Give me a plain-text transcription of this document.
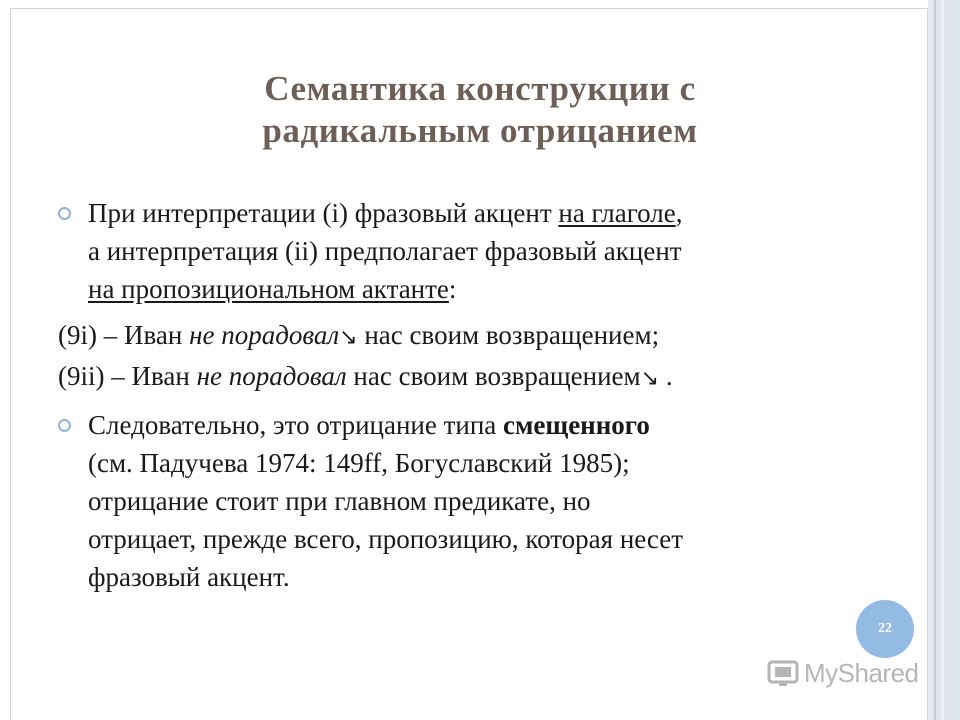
Семантика конструкции с
радикальным отрицанием
При интерпретации (i) фразовый акцент на глаголе,
а интерпретация (ii) предполагает фразовый акцент
на пропозициональном актанте:
(9i) – Иван не порадовал↘ нас своим возвращением;
(9ii) – Иван не порадовал нас своим возвращением↘ .
Следовательно, это отрицание типа смещенного
(см. Падучева 1974: 149ff, Богуславский 1985);
отрицание стоит при главном предикате, но
отрицает, прежде всего, пропозицию, которая несет
фразовый акцент.
22
MyShared
